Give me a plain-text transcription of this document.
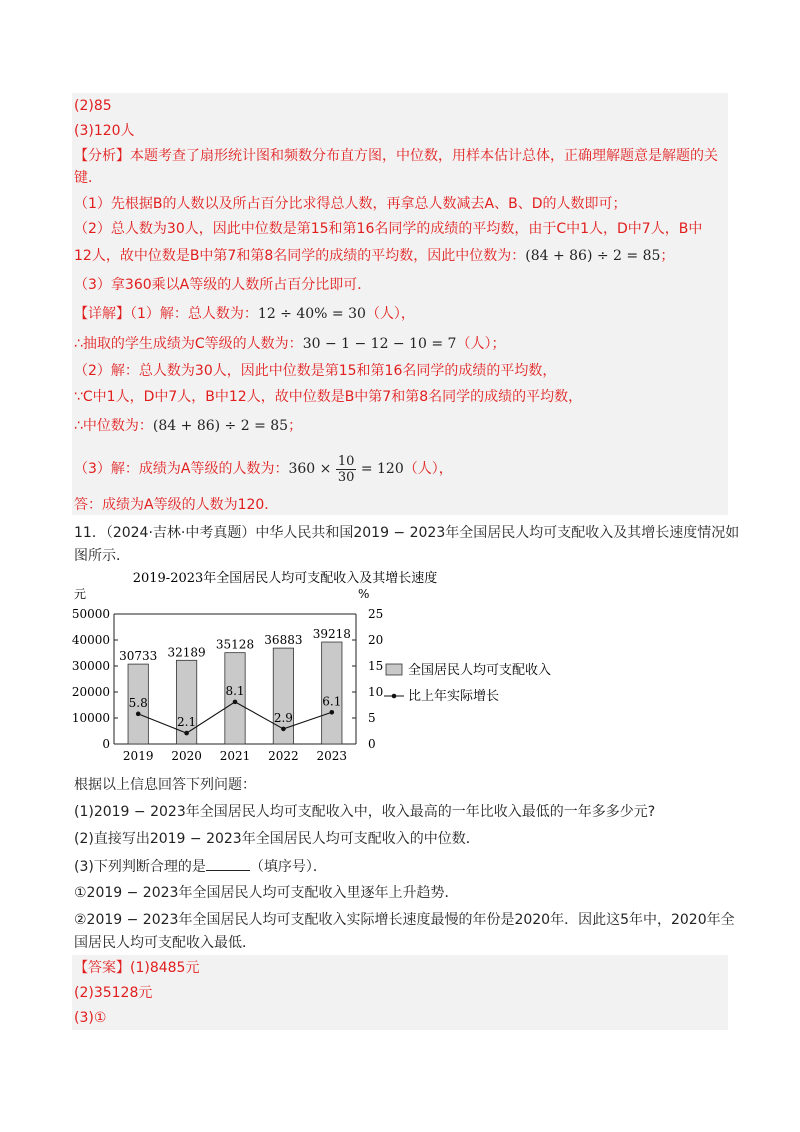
(2)85
(3)120人
【分析】本题考查了扇形统计图和频数分布直方图，中位数，用样本估计总体，正确理解题意是解题的关
键．
（1）先根据B的人数以及所占百分比求得总人数，再拿总人数减去A、B、D的人数即可；
（2）总人数为30人，因此中位数是第15和第16名同学的成绩的平均数，由于C中1人，D中7人，B中
12人，故中位数是B中第7和第8名同学的成绩的平均数，因此中位数为：(84 + 86) ÷ 2 = 85；
（3）拿360乘以A等级的人数所占百分比即可．
【详解】（1）解：总人数为：12 ÷ 40% = 30（人），
∴抽取的学生成绩为C等级的人数为：30 − 1 − 12 − 10 = 7（人）；
（2）解：总人数为30人，因此中位数是第15和第16名同学的成绩的平均数，
∵C中1人，D中7人，B中12人，故中位数是B中第7和第8名同学的成绩的平均数，
∴中位数为：(84 + 86) ÷ 2 = 85；
（3）解：成绩为A等级的人数为：$360 \times \frac{10}{30} = 120$（人），
答：成绩为A等级的人数为120．
11．（2024·吉林·中考真题）中华人民共和国2019 − 2023年全国居民人均可支配收入及其增长速度情况如
图所示．
2019-2023年全国居民人均可支配收入及其增长速度
元	%
0
10000
20000
30000
40000
50000
0
5
10
15
20
25
2019 2020 2021 2022 2023
30733 32189
35128 36883 39218
5.8
2.1
8.1
2.9
6.1
全国居民人均可支配收入
比上年实际增长
根据以上信息回答下列问题：
(1)2019 − 2023年全国居民人均可支配收入中，收入最高的一年比收入最低的一年多多少元?
(2)直接写出2019 − 2023年全国居民人均可支配收入的中位数．
(3)下列判断合理的是	（填序号）．
①2019 − 2023年全国居民人均可支配收入里逐年上升趋势．
②2019 − 2023年全国居民人均可支配收入实际增长速度最慢的年份是2020年．因此这5年中，2020年全
国居民人均可支配收入最低．
【答案】(1)8485元
(2)35128元
(3)①
